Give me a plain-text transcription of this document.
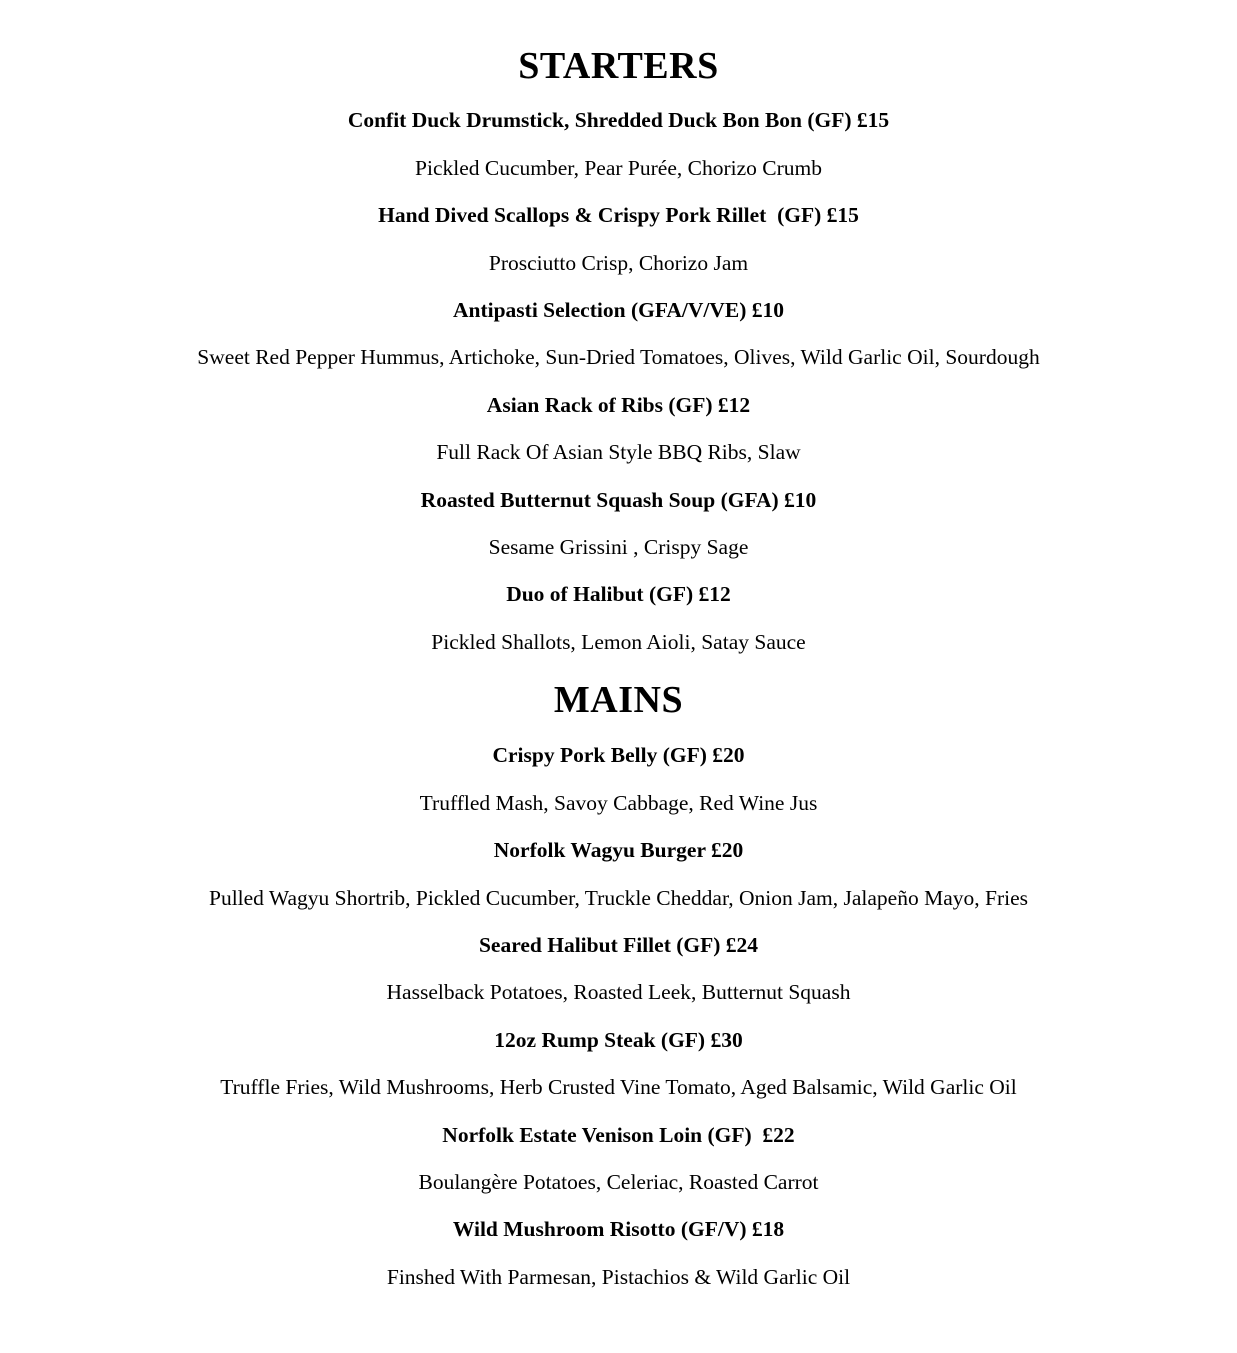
STARTERS
Confit Duck Drumstick, Shredded Duck Bon Bon (GF) £15
Pickled Cucumber, Pear Purée, Chorizo Crumb
Hand Dived Scallops & Crispy Pork Rillet  (GF) £15
Prosciutto Crisp, Chorizo Jam
Antipasti Selection (GFA/V/VE) £10
Sweet Red Pepper Hummus, Artichoke, Sun-Dried Tomatoes, Olives, Wild Garlic Oil, Sourdough
Asian Rack of Ribs (GF) £12
Full Rack Of Asian Style BBQ Ribs, Slaw
Roasted Butternut Squash Soup (GFA) £10
Sesame Grissini , Crispy Sage
Duo of Halibut (GF) £12
Pickled Shallots, Lemon Aioli, Satay Sauce
MAINS
Crispy Pork Belly (GF) £20
Truffled Mash, Savoy Cabbage, Red Wine Jus
Norfolk Wagyu Burger £20
Pulled Wagyu Shortrib, Pickled Cucumber, Truckle Cheddar, Onion Jam, Jalapeño Mayo, Fries
Seared Halibut Fillet (GF) £24
Hasselback Potatoes, Roasted Leek, Butternut Squash
12oz Rump Steak (GF) £30
Truffle Fries, Wild Mushrooms, Herb Crusted Vine Tomato, Aged Balsamic, Wild Garlic Oil
Norfolk Estate Venison Loin (GF)  £22
Boulangère Potatoes, Celeriac, Roasted Carrot
Wild Mushroom Risotto (GF/V) £18
Finshed With Parmesan, Pistachios & Wild Garlic Oil
